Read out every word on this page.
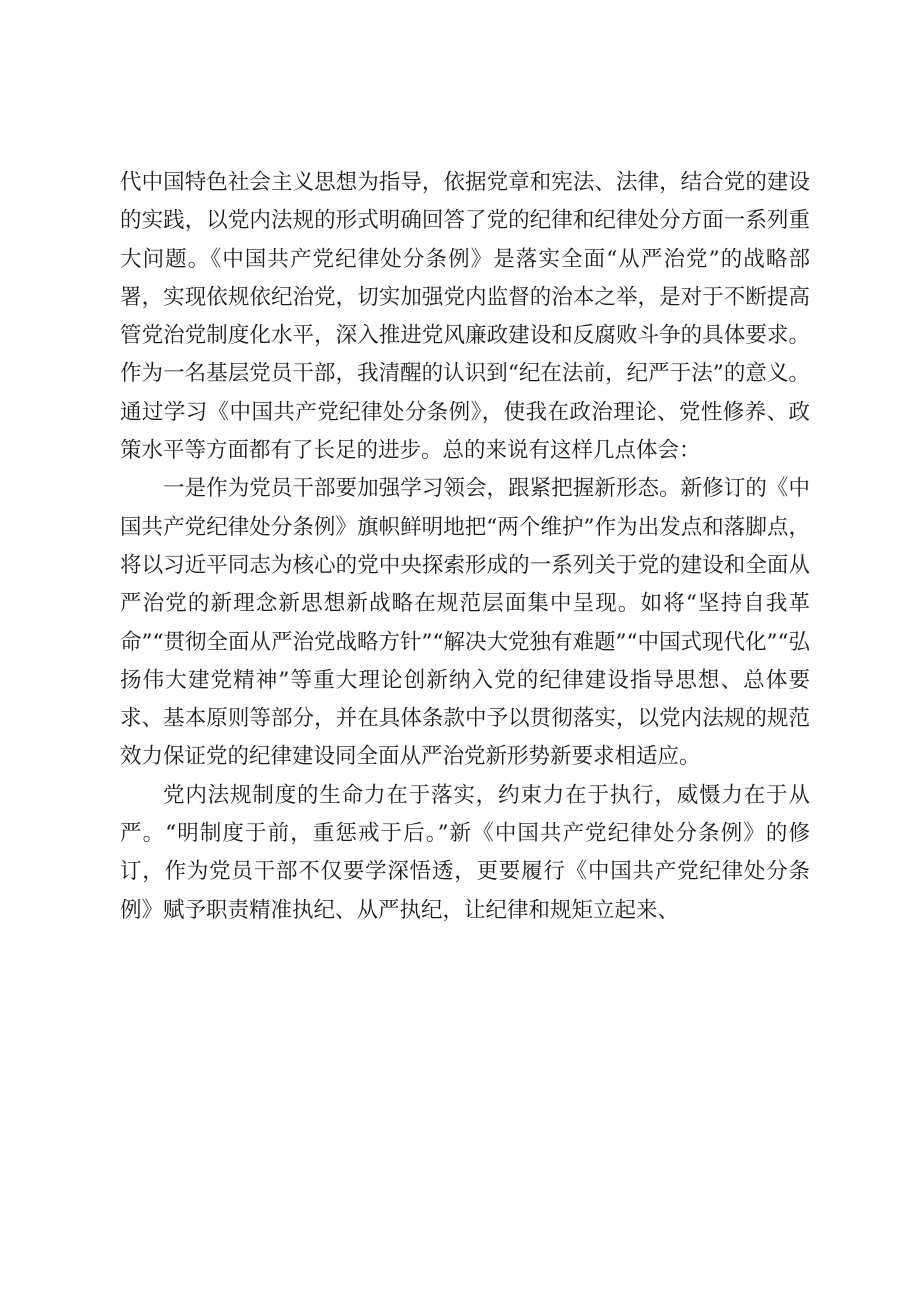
代中国特色社会主义思想为指导，依据党章和宪法、法律，结合党的建设的实践，以党内法规的形式明确回答了党的纪律和纪律处分方面一系列重大问题。《中国共产党纪律处分条例》是落实全面“从严治党”的战略部署，实现依规依纪治党，切实加强党内监督的治本之举，是对于不断提高管党治党制度化水平，深入推进党风廉政建设和反腐败斗争的具体要求。作为一名基层党员干部，我清醒的认识到“纪在法前，纪严于法”的意义。通过学习《中国共产党纪律处分条例》，使我在政治理论、党性修养、政策水平等方面都有了长足的进步。总的来说有这样几点体会：

一是作为党员干部要加强学习领会，跟紧把握新形态。新修订的《中国共产党纪律处分条例》旗帜鲜明地把“两个维护”作为出发点和落脚点，将以习近平同志为核心的党中央探索形成的一系列关于党的建设和全面从严治党的新理念新思想新战略在规范层面集中呈现。如将“坚持自我革命”“贯彻全面从严治党战略方针”“解决大党独有难题”“中国式现代化”“弘扬伟大建党精神”等重大理论创新纳入党的纪律建设指导思想、总体要求、基本原则等部分，并在具体条款中予以贯彻落实，以党内法规的规范效力保证党的纪律建设同全面从严治党新形势新要求相适应。

党内法规制度的生命力在于落实，约束力在于执行，威慑力在于从严。“明制度于前，重惩戒于后。”新《中国共产党纪律处分条例》的修订，作为党员干部不仅要学深悟透，更要履行《中国共产党纪律处分条例》赋予职责精准执纪、从严执纪，让纪律和规矩立起来、
